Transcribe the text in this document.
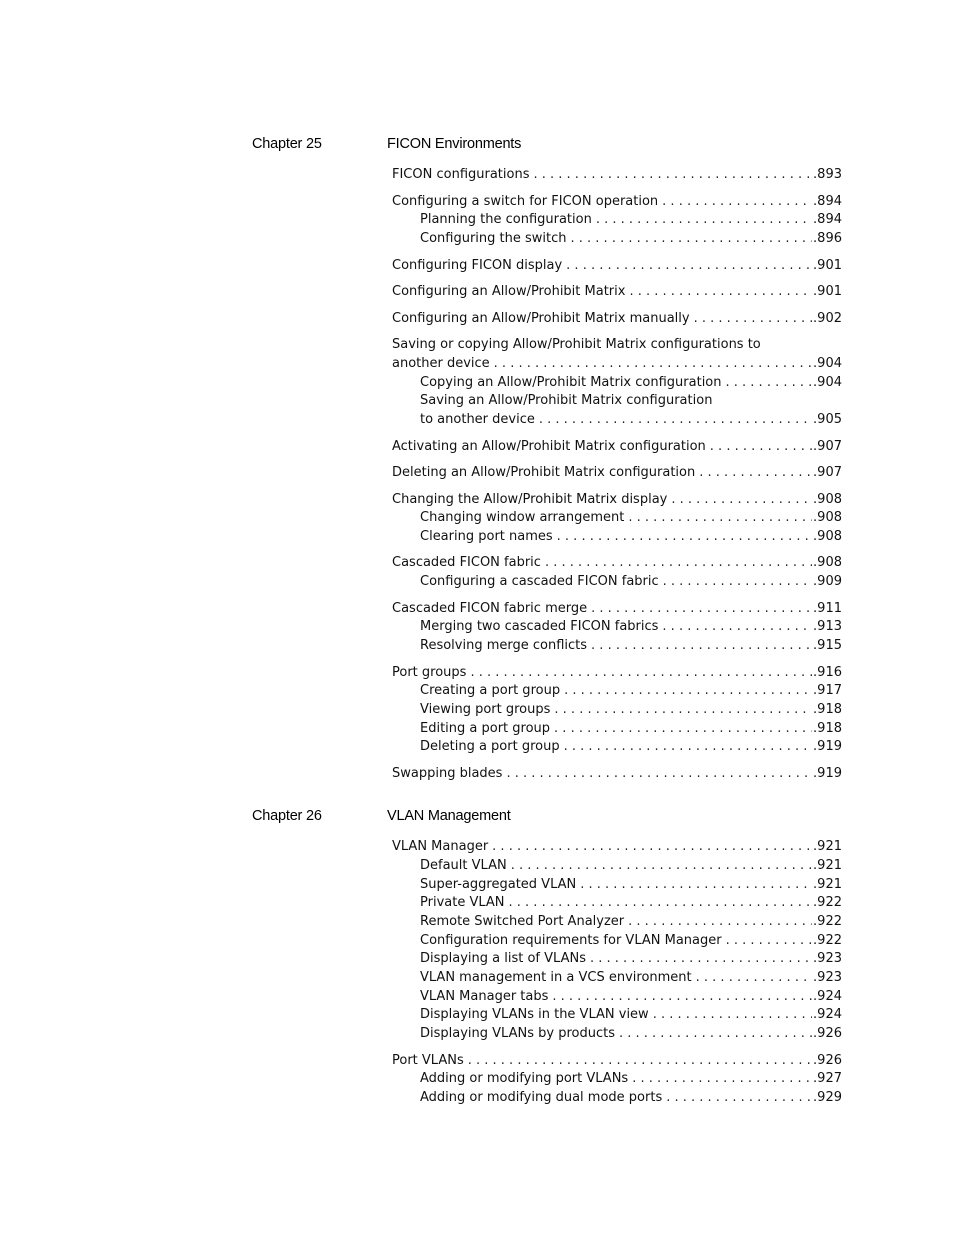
Chapter 25	FICON Environments
FICON configurations . . .	.893
Configuring a switch for FICON operation . . .	.894
Planning the configuration . . .	.894
Configuring the switch . . .	.896
Configuring FICON display . . .	.901
Configuring an Allow/Prohibit Matrix . . .	.901
Configuring an Allow/Prohibit Matrix manually . . .	.902
Saving or copying Allow/Prohibit Matrix configurations to
another device . . .	.904
Copying an Allow/Prohibit Matrix configuration . . .	.904
Saving an Allow/Prohibit Matrix configuration
to another device . . .	.905
Activating an Allow/Prohibit Matrix configuration . . .	.907
Deleting an Allow/Prohibit Matrix configuration . . .	.907
Changing the Allow/Prohibit Matrix display . . .	.908
Changing window arrangement . . .	.908
Clearing port names . . .	.908
Cascaded FICON fabric . . .	.908
Configuring a cascaded FICON fabric . . .	.909
Cascaded FICON fabric merge . . .	.911
Merging two cascaded FICON fabrics . . .	.913
Resolving merge conflicts . . .	.915
Port groups . . .	.916
Creating a port group . . .	.917
Viewing port groups . . .	.918
Editing a port group . . .	.918
Deleting a port group . . .	.919
Swapping blades . . .	.919
Chapter 26	VLAN Management
VLAN Manager . . .	.921
Default VLAN . . .	.921
Super-aggregated VLAN . . .	.921
Private VLAN . . .	.922
Remote Switched Port Analyzer . . .	.922
Configuration requirements for VLAN Manager . . .	.922
Displaying a list of VLANs . . .	.923
VLAN management in a VCS environment . . .	.923
VLAN Manager tabs . . .	.924
Displaying VLANs in the VLAN view . . .	.924
Displaying VLANs by products . . .	.926
Port VLANs . . .	.926
Adding or modifying port VLANs . . .	.927
Adding or modifying dual mode ports . . .	.929
